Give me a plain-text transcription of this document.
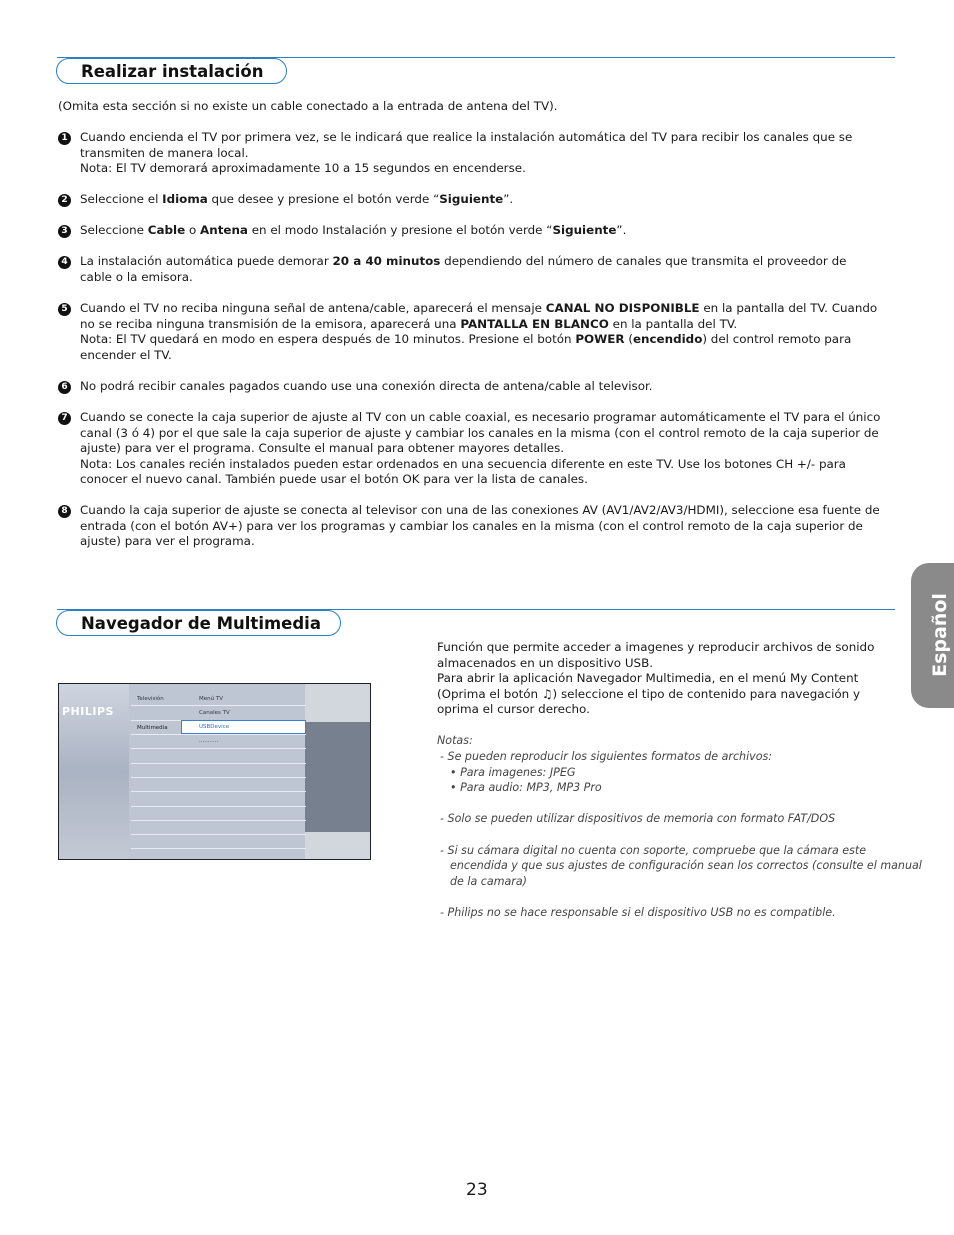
Realizar instalación
(Omita esta sección si no existe un cable conectado a la entrada de antena del TV).
1 Cuando encienda el TV por primera vez, se le indicará que realice la instalación automática del TV para recibir los canales que se transmiten de manera local.
Nota: El TV demorará aproximadamente 10 a 15 segundos en encenderse.
2 Seleccione el Idioma que desee y presione el botón verde “Siguiente”.
3 Seleccione Cable o Antena en el modo Instalación y presione el botón verde “Siguiente”.
4 La instalación automática puede demorar 20 a 40 minutos dependiendo del número de canales que transmita el proveedor de cable o la emisora.
5 Cuando el TV no reciba ninguna señal de antena/cable, aparecerá el mensaje CANAL NO DISPONIBLE en la pantalla del TV. Cuando no se reciba ninguna transmisión de la emisora, aparecerá una PANTALLA EN BLANCO en la pantalla del TV.
Nota: El TV quedará en modo en espera después de 10 minutos. Presione el botón POWER (encendido) del control remoto para encender el TV.
6 No podrá recibir canales pagados cuando use una conexión directa de antena/cable al televisor.
7 Cuando se conecte la caja superior de ajuste al TV con un cable coaxial, es necesario programar automáticamente el TV para el único canal (3 ó 4) por el que sale la caja superior de ajuste y cambiar los canales en la misma (con el control remoto de la caja superior de ajuste) para ver el programa. Consulte el manual para obtener mayores detalles.
Nota: Los canales recién instalados pueden estar ordenados en una secuencia diferente en este TV. Use los botones CH +/- para conocer el nuevo canal. También puede usar el botón OK para ver la lista de canales.
8 Cuando la caja superior de ajuste se conecta al televisor con una de las conexiones AV (AV1/AV2/AV3/HDMI), seleccione esa fuente de entrada (con el botón AV+) para ver los programas y cambiar los canales en la misma (con el control remoto de la caja superior de ajuste) para ver el programa.
Navegador de Multimedia
PHILIPS
Televisión
Multimedia
Menú TV
Canales TV
USBDevice
...........
Función que permite acceder a imagenes y reproducir archivos de sonido almacenados en un dispositivo USB.
Para abrir la aplicación Navegador Multimedia, en el menú My Content (Oprima el botón ♫) seleccione el tipo de contenido para navegación y oprima el cursor derecho.
Notas:
- Se pueden reproducir los siguientes formatos de archivos:
• Para imagenes: JPEG
• Para audio: MP3, MP3 Pro
- Solo se pueden utilizar dispositivos de memoria con formato FAT/DOS
- Si su cámara digital no cuenta con soporte, compruebe que la cámara este
encendida y que sus ajustes de configuración sean los correctos (consulte el manual
de la camara)
- Philips no se hace responsable si el dispositivo USB no es compatible.
Español
23
